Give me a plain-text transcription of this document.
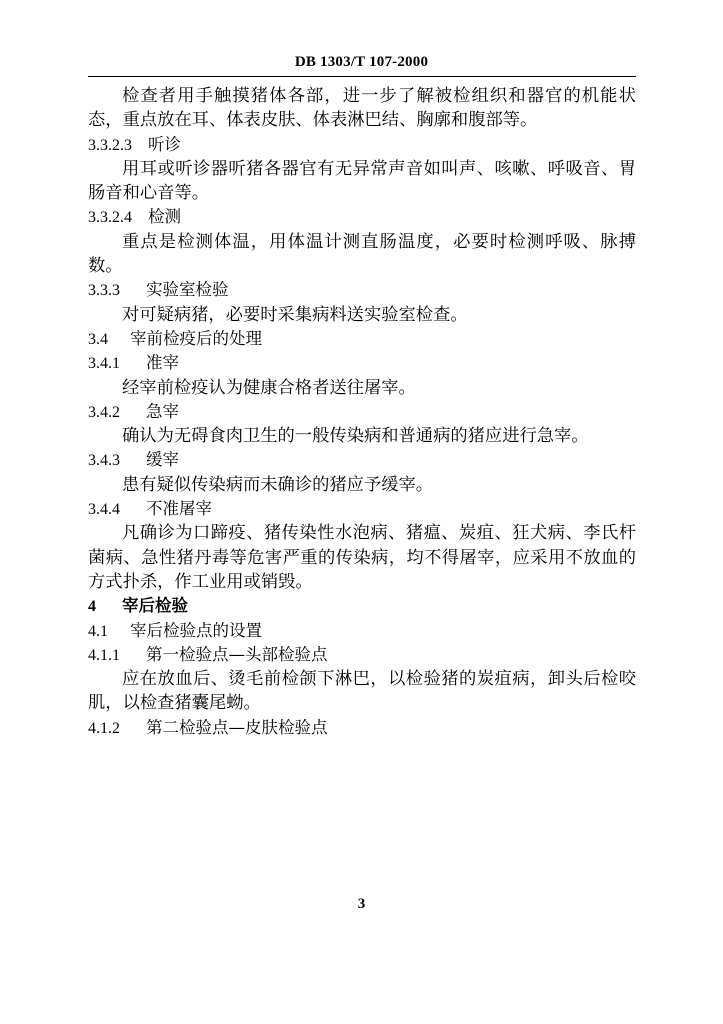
DB 1303/T 107-2000

检查者用手触摸猪体各部，进一步了解被检组织和器官的机能状态，重点放在耳、体表皮肤、体表淋巴结、胸廓和腹部等。

3.3.2.3 听诊

用耳或听诊器听猪各器官有无异常声音如叫声、咳嗽、呼吸音、胃肠音和心音等。

3.3.2.4 检测

重点是检测体温，用体温计测直肠温度，必要时检测呼吸、脉搏数。

3.3.3 实验室检验

对可疑病猪，必要时采集病料送实验室检查。

3.4 宰前检疫后的处理
3.4.1 准宰

经宰前检疫认为健康合格者送往屠宰。

3.4.2 急宰

确认为无碍食肉卫生的一般传染病和普通病的猪应进行急宰。

3.4.3 缓宰

患有疑似传染病而未确诊的猪应予缓宰。

3.4.4 不准屠宰

凡确诊为口蹄疫、猪传染性水泡病、猪瘟、炭疽、狂犬病、李氏杆菌病、急性猪丹毒等危害严重的传染病，均不得屠宰，应采用不放血的方式扑杀，作工业用或销毁。

4 宰后检验
4.1 宰后检验点的设置
4.1.1 第一检验点—头部检验点

应在放血后、烫毛前检颌下淋巴，以检验猪的炭疽病，卸头后检咬肌，以检查猪囊尾蚴。

4.1.2 第二检验点—皮肤检验点
3
